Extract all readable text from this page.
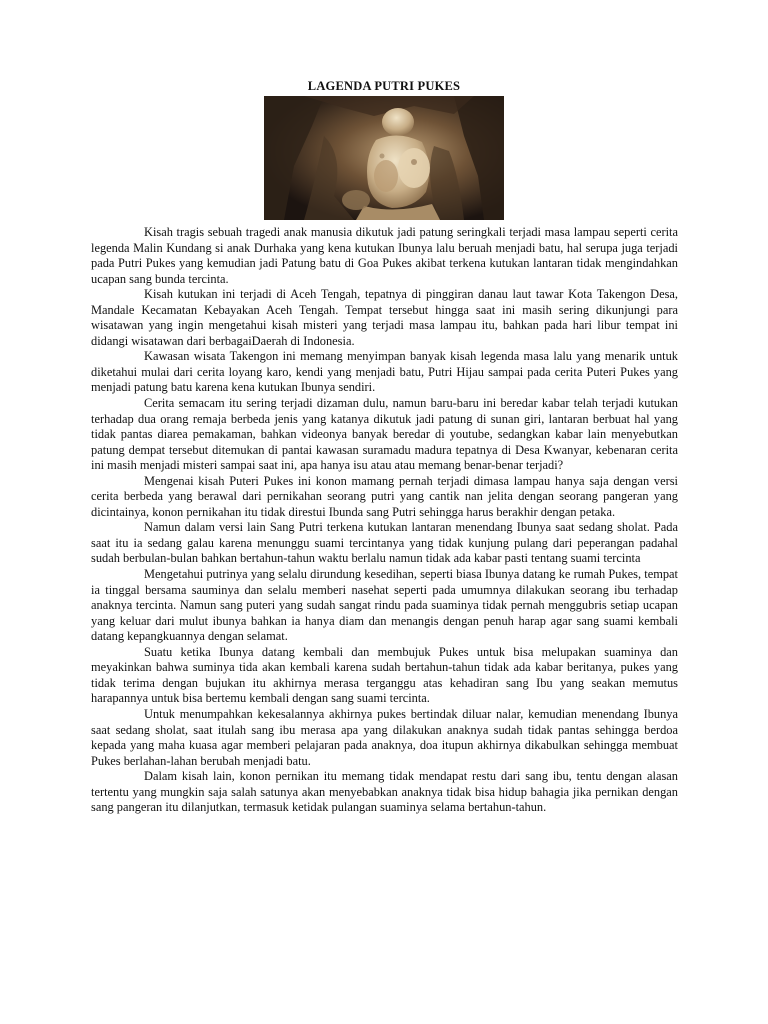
LAGENDA PUTRI PUKES

Kisah tragis sebuah tragedi anak manusia dikutuk jadi patung seringkali terjadi masa lampau seperti cerita legenda Malin Kundang si anak Durhaka yang kena kutukan Ibunya lalu beruah menjadi batu, hal serupa juga terjadi pada Putri Pukes yang kemudian jadi Patung batu di Goa Pukes akibat terkena kutukan lantaran tidak mengindahkan ucapan sang bunda tercinta.

Kisah kutukan ini terjadi di Aceh Tengah, tepatnya di pinggiran danau laut tawar Kota Takengon Desa, Mandale Kecamatan Kebayakan Aceh Tengah. Tempat tersebut hingga saat ini masih sering dikunjungi para wisatawan yang ingin mengetahui kisah misteri yang terjadi masa lampau itu, bahkan pada hari libur tempat ini didangi wisatawan dari berbagaiDaerah di Indonesia.

Kawasan wisata Takengon ini memang menyimpan banyak kisah legenda masa lalu yang menarik untuk diketahui mulai dari cerita loyang karo, kendi yang menjadi batu, Putri Hijau sampai pada cerita Puteri Pukes yang menjadi patung batu karena kena kutukan Ibunya sendiri.

Cerita semacam itu sering terjadi dizaman dulu, namun baru-baru ini beredar kabar telah terjadi kutukan terhadap dua orang remaja berbeda jenis yang katanya dikutuk jadi patung di sunan giri, lantaran berbuat hal yang tidak pantas diarea pemakaman, bahkan videonya banyak beredar di youtube, sedangkan kabar lain menyebutkan patung dempat tersebut ditemukan di pantai kawasan suramadu madura tepatnya di Desa Kwanyar, kebenaran cerita ini masih menjadi misteri sampai saat ini, apa hanya isu atau atau memang benar-benar terjadi?

Mengenai kisah Puteri Pukes ini konon mamang pernah terjadi dimasa lampau hanya saja dengan versi cerita berbeda yang berawal dari pernikahan seorang putri yang cantik nan jelita dengan seorang pangeran yang dicintainya, konon pernikahan itu tidak direstui Ibunda sang Putri sehingga harus berakhir dengan petaka.

Namun dalam versi lain Sang Putri terkena kutukan lantaran menendang Ibunya saat sedang sholat. Pada saat itu ia sedang galau karena menunggu suami tercintanya yang tidak kunjung pulang dari peperangan padahal sudah berbulan-bulan bahkan bertahun-tahun waktu berlalu namun tidak ada kabar pasti tentang suami tercinta

Mengetahui putrinya yang selalu dirundung kesedihan, seperti biasa Ibunya datang ke rumah Pukes, tempat ia tinggal bersama sauminya dan selalu memberi nasehat seperti pada umumnya dilakukan seorang ibu terhadap anaknya tercinta. Namun sang puteri yang sudah sangat rindu pada suaminya tidak pernah menggubris setiap ucapan yang keluar dari mulut ibunya bahkan ia hanya diam dan menangis dengan penuh harap agar sang suami kembali datang kepangkuannya dengan selamat.

Suatu ketika Ibunya datang kembali dan membujuk Pukes untuk bisa melupakan suaminya dan meyakinkan bahwa suminya tida akan kembali karena sudah bertahun-tahun tidak ada kabar beritanya, pukes yang tidak terima dengan bujukan itu akhirnya merasa terganggu atas kehadiran sang Ibu yang seakan memutus harapannya untuk bisa bertemu kembali dengan sang suami tercinta.

Untuk menumpahkan kekesalannya akhirnya pukes bertindak diluar nalar, kemudian menendang Ibunya saat sedang sholat, saat itulah sang ibu merasa apa yang dilakukan anaknya sudah tidak pantas sehingga berdoa kepada yang maha kuasa agar memberi pelajaran pada anaknya, doa itupun akhirnya dikabulkan sehingga membuat Pukes berlahan-lahan berubah menjadi batu.

Dalam kisah lain, konon pernikan itu memang tidak mendapat restu dari sang ibu, tentu dengan alasan tertentu yang mungkin saja salah satunya akan menyebabkan anaknya tidak bisa hidup bahagia jika pernikan dengan sang pangeran itu dilanjutkan, termasuk ketidak pulangan suaminya selama bertahun-tahun.
